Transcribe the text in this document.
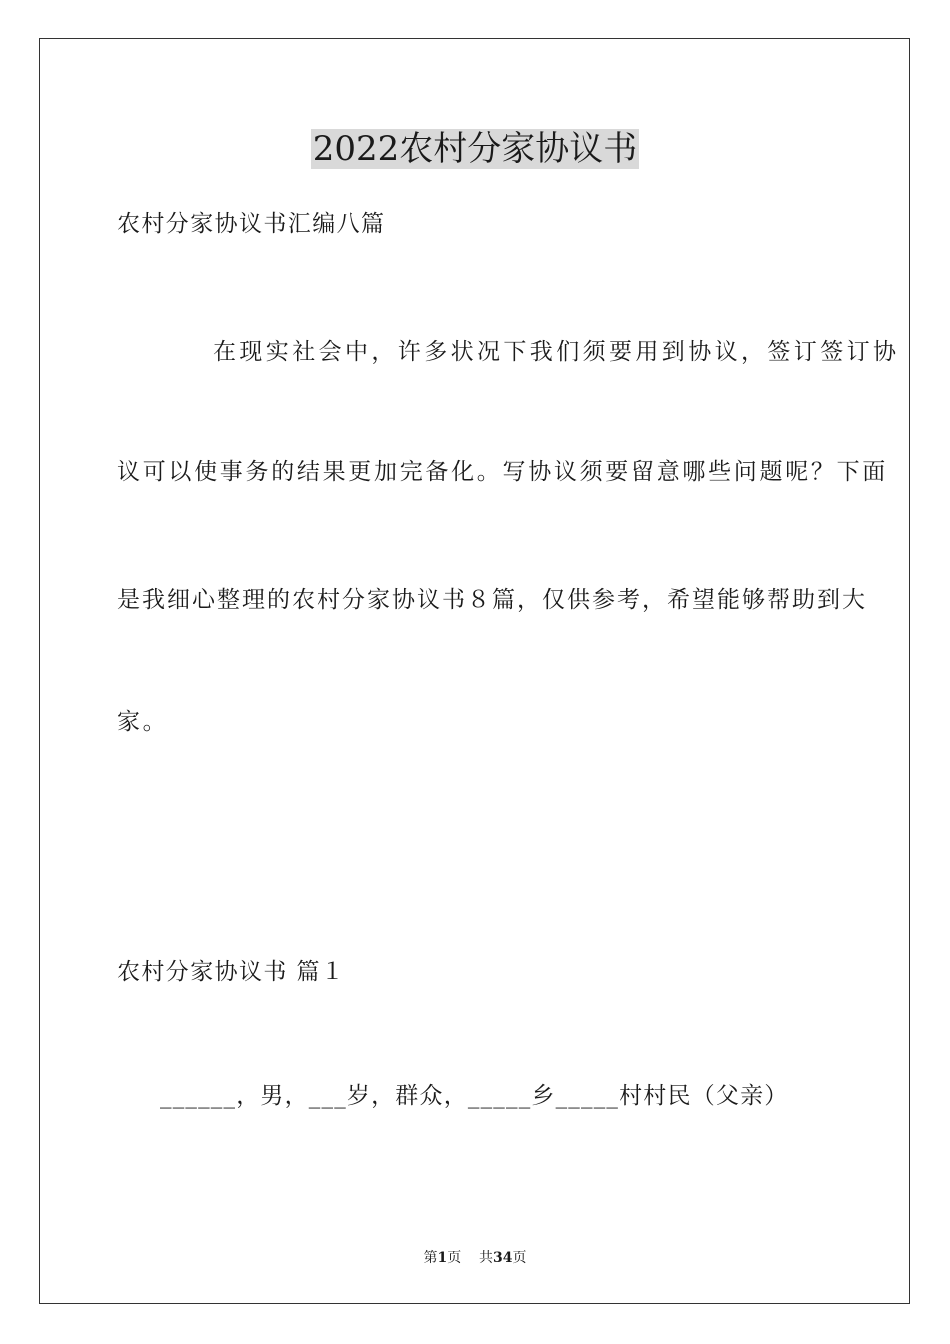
2022农村分家协议书
农村分家协议书汇编八篇
在现实社会中，许多状况下我们须要用到协议，签订签订协
议可以使事务的结果更加完备化。写协议须要留意哪些问题呢？下面
是我细心整理的农村分家协议书８篇，仅供参考，希望能够帮助到大
家。
农村分家协议书 篇１
______，男，___岁，群众，_____乡_____村村民（父亲）
第1页 共34页
